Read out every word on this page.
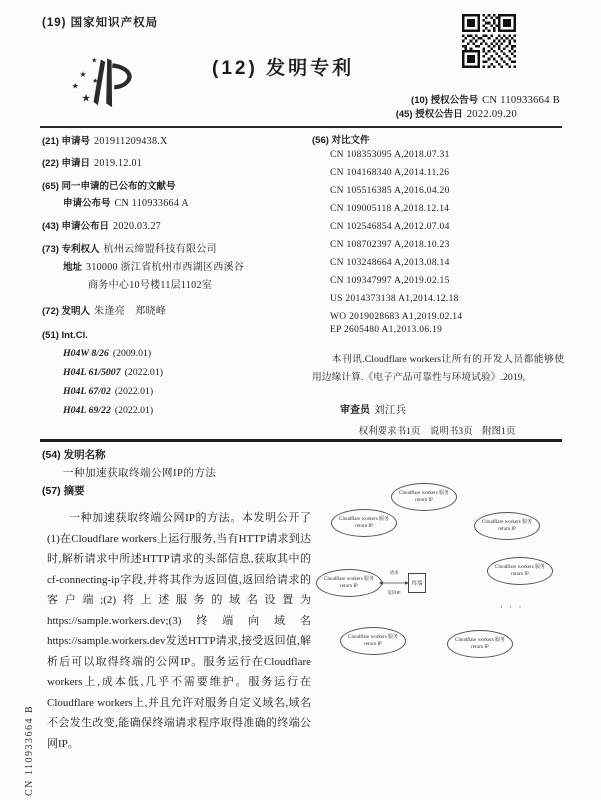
(19) 国家知识产权局
★
★
★
★
★
(12) 发明专利
(10) 授权公告号 CN 110933664 B
(45) 授权公告日 2022.09.20
(21) 申请号 201911209438.X
(22) 申请日 2019.12.01
(65) 同一申请的已公布的文献号
申请公布号 CN 110933664 A
(43) 申请公布日 2020.03.27
(73) 专利权人 杭州云缔盟科技有限公司
地址 310000 浙江省杭州市西湖区西溪谷
商务中心10号楼11层1102室
(72) 发明人 朱逢亮　郑晓峰
(51) Int.Cl.
H04W 8/26 (2009.01)
H04L 61/5007 (2022.01)
H04L 67/02 (2022.01)
H04L 69/22 (2022.01)
(56) 对比文件
CN 108353095 A,2018.07.31
CN 104168340 A,2014.11.26
CN 105516385 A,2016.04.20
CN 109005118 A,2018.12.14
CN 102546854 A,2012.07.04
CN 108702397 A,2018.10.23
CN 103248664 A,2013.08.14
CN 109347997 A,2019.02.15
US 2014373138 A1,2014.12.18
WO 2019028683 A1,2019.02.14
EP 2605480 A1,2013.06.19

本刊讯.Cloudflare workers让所有的开发人员都能够使用边缘计算.《电子产品可靠性与环境试验》.2019,

审查员 刘江兵
权利要求书1页　说明书3页　附图1页
(54) 发明名称
一种加速获取终端公网IP的方法
(57) 摘要

一种加速获取终端公网IP的方法。本发明公开了(1)在Cloudflare workers上运行服务,当有HTTP请求到达时,解析请求中所述HTTP请求的头部信息,获取其中的cf-connecting-ip字段,并将其作为返回值,返回给请求的客户端;(2)将上述服务的域名设置为https://sample.workers.dev;(3)终端向域名https://sample.workers.dev发送HTTP请求,接受返回值,解析后可以取得终端的公网IP。服务运行在Cloudflare workers上,成本低,几乎不需要维护。服务运行在Cloudflare workers上,并且允许对服务自定义域名,域名不会发生改变,能确保终端请求程序取得准确的终端公网IP。

Cloudflare workers 服务
return IP
Cloudflare workers 服务
return IP
Cloudflare workers 服务
return IP
Cloudflare workers 服务
return IP
Cloudflare workers 服务
return IP
Cloudflare workers 服务
return IP
Cloudflare workers 服务
return IP
终端
请求
返回IP
· · ·
CN 110933664 B
